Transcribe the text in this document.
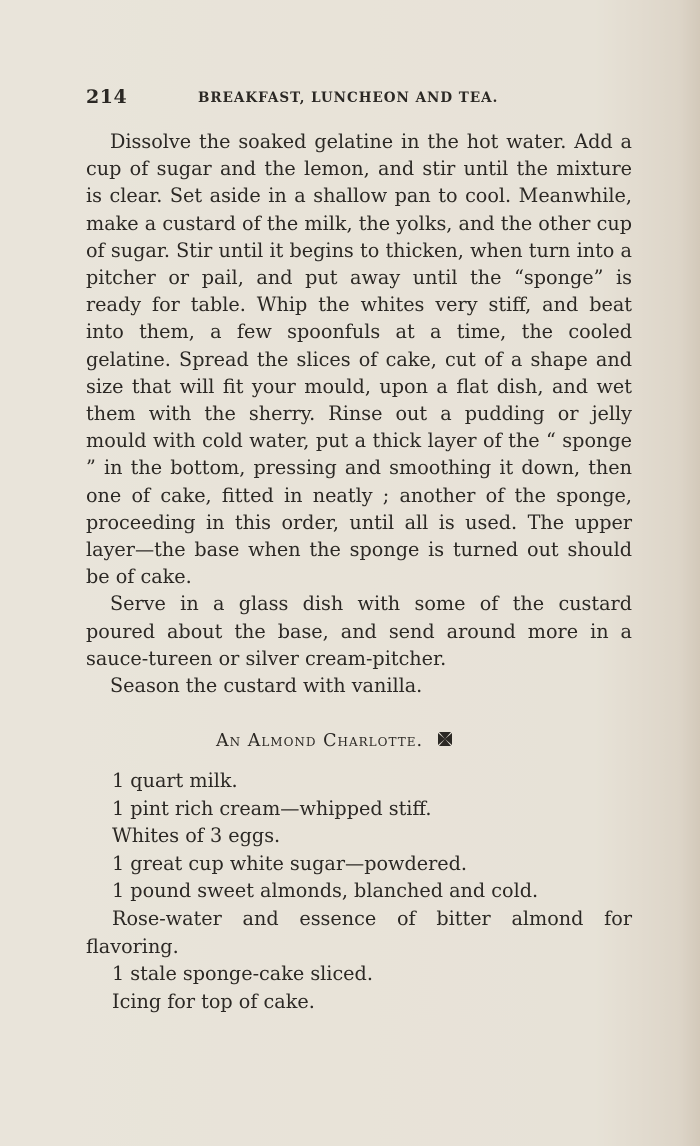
214	BREAKFAST, LUNCHEON AND TEA.

Dissolve the soaked gelatine in the hot water. Add a cup of sugar and the lemon, and stir until the mixture is clear. Set aside in a shallow pan to cool. Meanwhile, make a custard of the milk, the yolks, and the other cup of sugar. Stir until it begins to thicken, when turn into a pitcher or pail, and put away until the “sponge” is ready for table. Whip the whites very stiff, and beat into them, a few spoonfuls at a time, the cooled gelatine. Spread the slices of cake, cut of a shape and size that will fit your mould, upon a flat dish, and wet them with the sherry. Rinse out a pudding or jelly mould with cold water, put a thick layer of the “ sponge ” in the bottom, pressing and smoothing it down, then one of cake, fitted in neatly ; another of the sponge, proceeding in this order, until all is used. The upper layer—the base when the sponge is turned out should be of cake.

Serve in a glass dish with some of the custard poured about the base, and send around more in a sauce-tureen or silver cream-pitcher.

Season the custard with vanilla.

An Almond Charlotte.

1 quart milk.

1 pint rich cream—whipped stiff.

Whites of 3 eggs.

1 great cup white sugar—powdered.

1 pound sweet almonds, blanched and cold.

Rose-water and essence of bitter almond for flavoring.

1 stale sponge-cake sliced.

Icing for top of cake.
